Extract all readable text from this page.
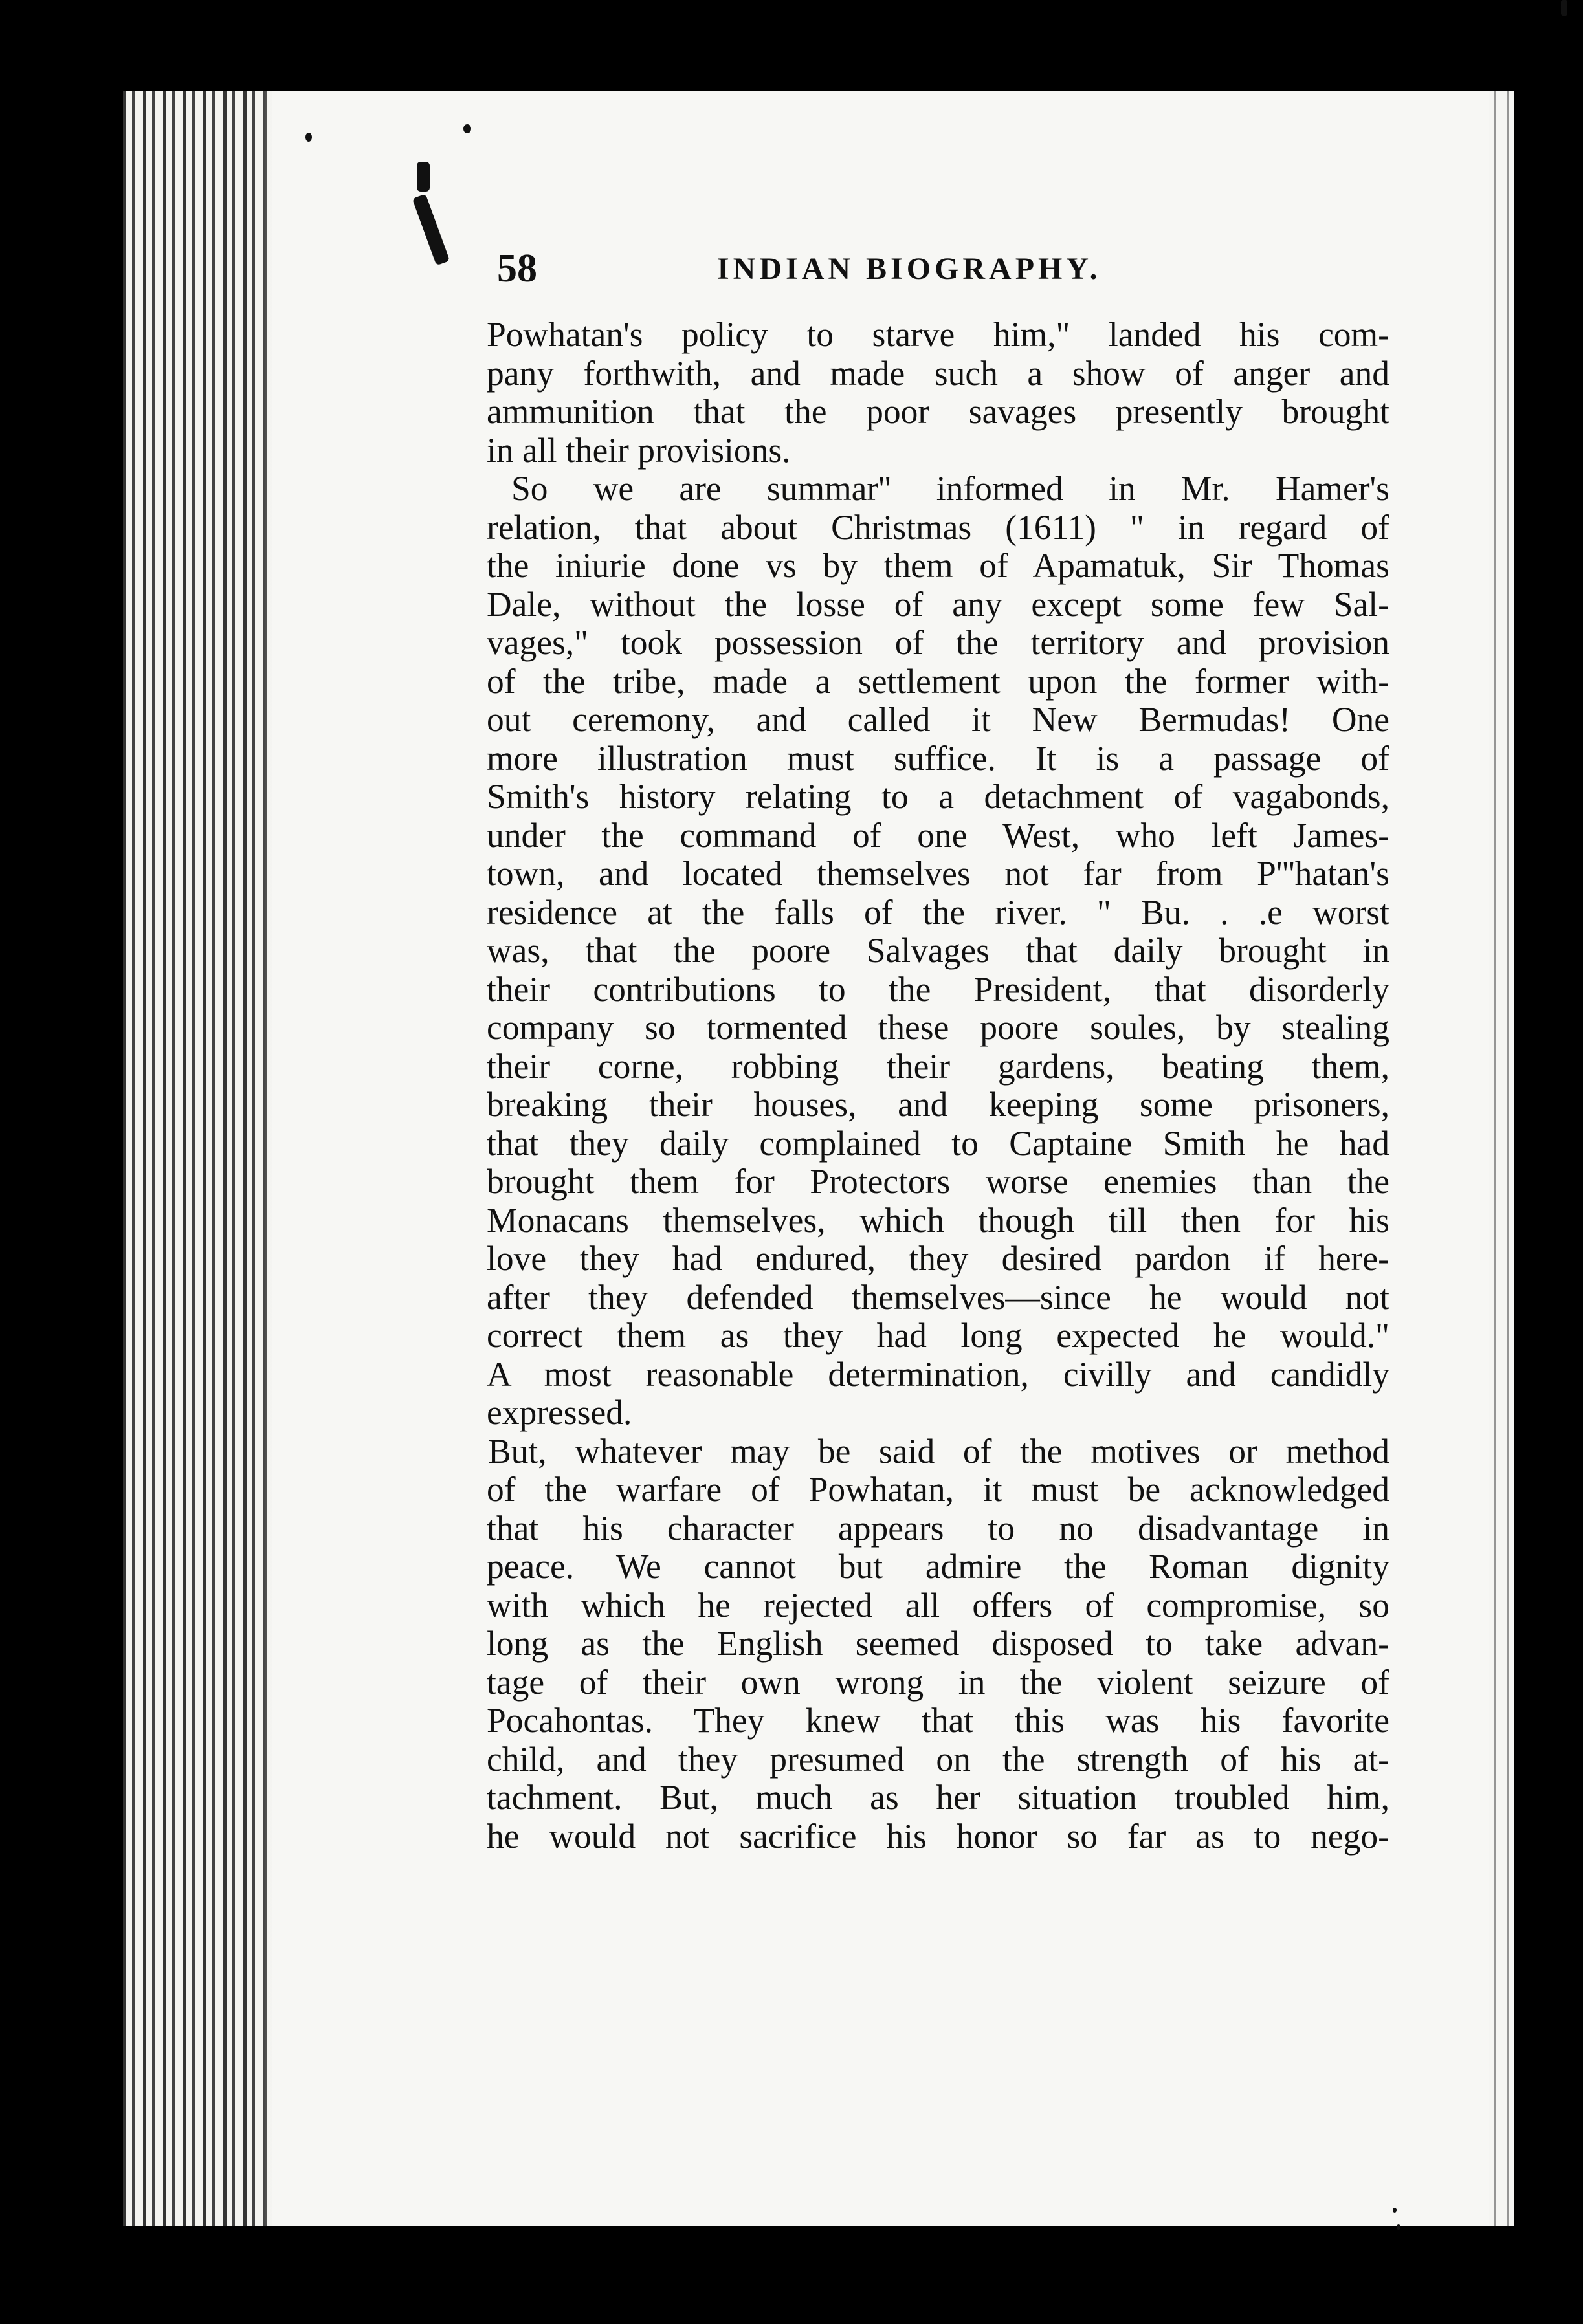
58	INDIAN BIOGRAPHY.
Powhatan's policy to starve him," landed his com-
pany forthwith, and made such a show of anger and
ammunition that the poor savages presently brought
in all their provisions.
So we are summar'' informed in Mr. Hamer's
relation, that about Christmas (1611) " in regard of
the iniurie done vs by them of Apamatuk, Sir Thomas
Dale, without the losse of any except some few Sal-
vages," took possession of the territory and provision
of the tribe, made a settlement upon the former with-
out ceremony, and called it New Bermudas! One
more illustration must suffice. It is a passage of
Smith's history relating to a detachment of vagabonds,
under the command of one West, who left James-
town, and located themselves not far from P'''hatan's
residence at the falls of the river. " Bu. . .e worst
was, that the poore Salvages that daily brought in
their contributions to the President, that disorderly
company so tormented these poore soules, by stealing
their corne, robbing their gardens, beating them,
breaking their houses, and keeping some prisoners,
that they daily complained to Captaine Smith he had
brought them for Protectors worse enemies than the
Monacans themselves, which though till then for his
love they had endured, they desired pardon if here-
after they defended themselves—since he would not
correct them as they had long expected he would."
A most reasonable determination, civilly and candidly
expressed.
But, whatever may be said of the motives or method
of the warfare of Powhatan, it must be acknowledged
that his character appears to no disadvantage in
peace. We cannot but admire the Roman dignity
with which he rejected all offers of compromise, so
long as the English seemed disposed to take advan-
tage of their own wrong in the violent seizure of
Pocahontas. They knew that this was his favorite
child, and they presumed on the strength of his at-
tachment. But, much as her situation troubled him,
he would not sacrifice his honor so far as to nego-
